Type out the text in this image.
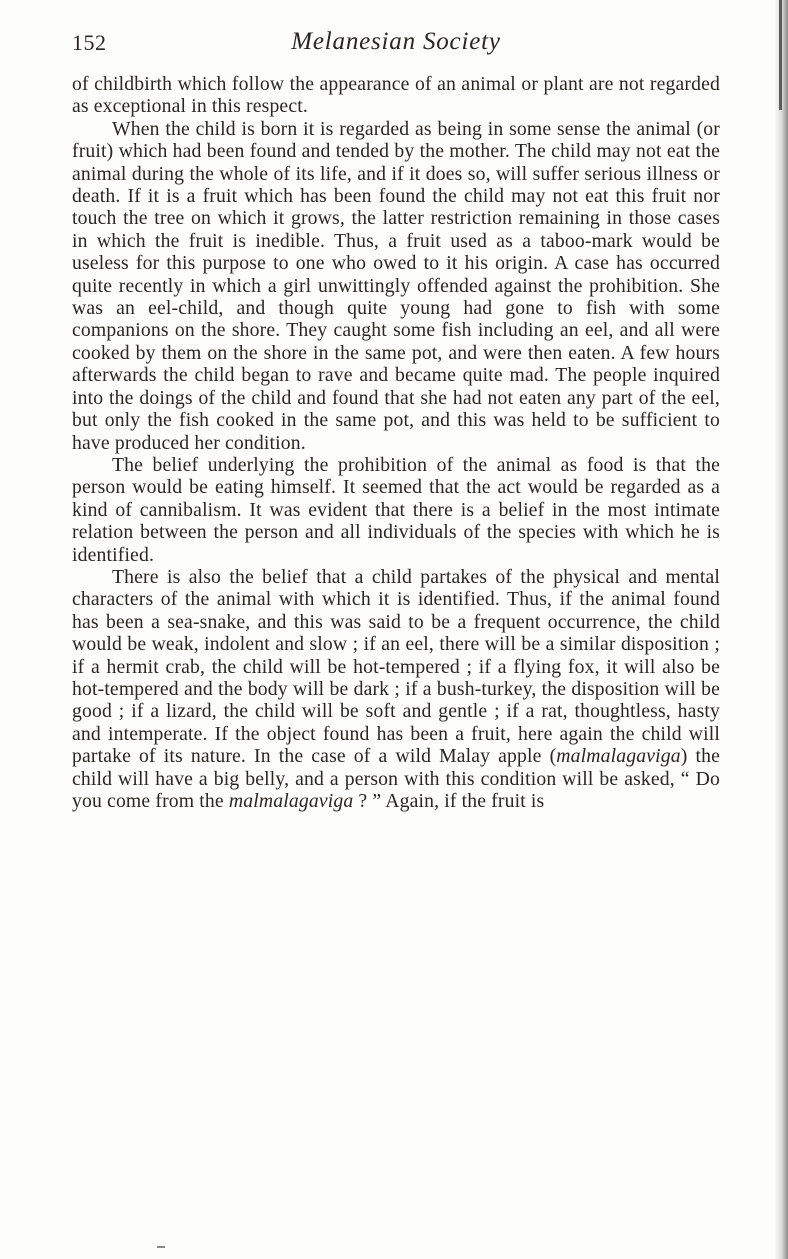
152	Melanesian Society

of childbirth which follow the appearance of an animal or plant are not regarded as exceptional in this respect.

When the child is born it is regarded as being in some sense the animal (or fruit) which had been found and tended by the mother. The child may not eat the animal during the whole of its life, and if it does so, will suffer serious illness or death. If it is a fruit which has been found the child may not eat this fruit nor touch the tree on which it grows, the latter restriction remaining in those cases in which the fruit is inedible. Thus, a fruit used as a taboo-mark would be useless for this purpose to one who owed to it his origin. A case has occurred quite recently in which a girl unwittingly offended against the prohibition. She was an eel-child, and though quite young had gone to fish with some companions on the shore. They caught some fish including an eel, and all were cooked by them on the shore in the same pot, and were then eaten. A few hours afterwards the child began to rave and became quite mad. The people inquired into the doings of the child and found that she had not eaten any part of the eel, but only the fish cooked in the same pot, and this was held to be sufficient to have produced her condition.

The belief underlying the prohibition of the animal as food is that the person would be eating himself. It seemed that the act would be regarded as a kind of cannibalism. It was evident that there is a belief in the most intimate relation between the person and all individuals of the species with which he is identified.

There is also the belief that a child partakes of the physical and mental characters of the animal with which it is identified. Thus, if the animal found has been a sea-snake, and this was said to be a frequent occurrence, the child would be weak, indolent and slow ; if an eel, there will be a similar disposition ; if a hermit crab, the child will be hot-tempered ; if a flying fox, it will also be hot-tempered and the body will be dark ; if a bush-turkey, the disposition will be good ; if a lizard, the child will be soft and gentle ; if a rat, thoughtless, hasty and intemperate. If the object found has been a fruit, here again the child will partake of its nature. In the case of a wild Malay apple (malmalagaviga) the child will have a big belly, and a person with this condition will be asked, “ Do you come from the malmalagaviga ? ” Again, if the fruit is
